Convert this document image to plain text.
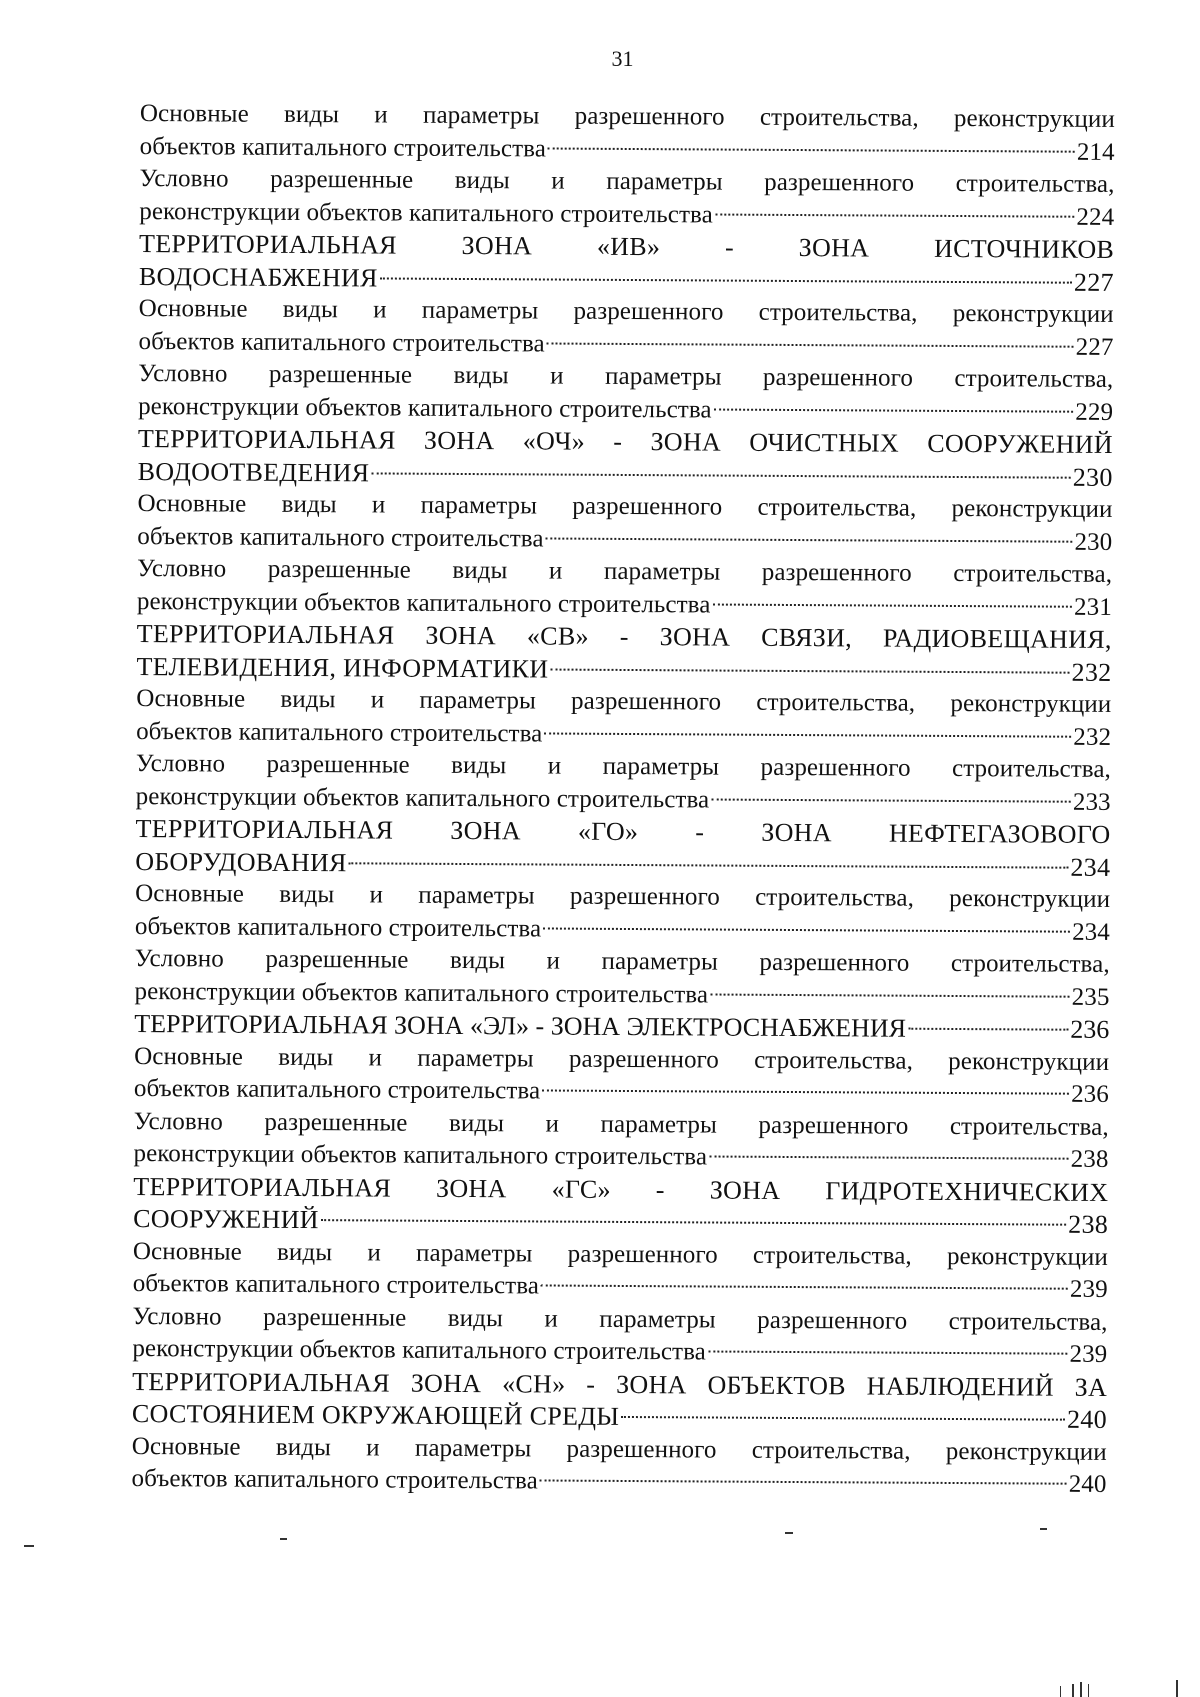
31
Основные виды и параметры разрешенного строительства, реконструкции
объектов капитального строительства	214
Условно разрешенные виды и параметры разрешенного строительства,
реконструкции объектов капитального строительства	224
ТЕРРИТОРИАЛЬНАЯ ЗОНА «ИВ» - ЗОНА ИСТОЧНИКОВ
ВОДОСНАБЖЕНИЯ	227
Основные виды и параметры разрешенного строительства, реконструкции
объектов капитального строительства	227
Условно разрешенные виды и параметры разрешенного строительства,
реконструкции объектов капитального строительства	229
ТЕРРИТОРИАЛЬНАЯ ЗОНА «ОЧ» - ЗОНА ОЧИСТНЫХ СООРУЖЕНИЙ
ВОДООТВЕДЕНИЯ	230
Основные виды и параметры разрешенного строительства, реконструкции
объектов капитального строительства	230
Условно разрешенные виды и параметры разрешенного строительства,
реконструкции объектов капитального строительства	231
ТЕРРИТОРИАЛЬНАЯ ЗОНА «СВ» - ЗОНА СВЯЗИ, РАДИОВЕЩАНИЯ,
ТЕЛЕВИДЕНИЯ, ИНФОРМАТИКИ	232
Основные виды и параметры разрешенного строительства, реконструкции
объектов капитального строительства	232
Условно разрешенные виды и параметры разрешенного строительства,
реконструкции объектов капитального строительства	233
ТЕРРИТОРИАЛЬНАЯ ЗОНА «ГО» - ЗОНА НЕФТЕГАЗОВОГО
ОБОРУДОВАНИЯ	234
Основные виды и параметры разрешенного строительства, реконструкции
объектов капитального строительства	234
Условно разрешенные виды и параметры разрешенного строительства,
реконструкции объектов капитального строительства	235
ТЕРРИТОРИАЛЬНАЯ ЗОНА «ЭЛ» - ЗОНА ЭЛЕКТРОСНАБЖЕНИЯ	236
Основные виды и параметры разрешенного строительства, реконструкции
объектов капитального строительства	236
Условно разрешенные виды и параметры разрешенного строительства,
реконструкции объектов капитального строительства	238
ТЕРРИТОРИАЛЬНАЯ ЗОНА «ГС» - ЗОНА ГИДРОТЕХНИЧЕСКИХ
СООРУЖЕНИЙ	238
Основные виды и параметры разрешенного строительства, реконструкции
объектов капитального строительства	239
Условно разрешенные виды и параметры разрешенного строительства,
реконструкции объектов капитального строительства	239
ТЕРРИТОРИАЛЬНАЯ ЗОНА «СН» - ЗОНА ОБЪЕКТОВ НАБЛЮДЕНИЙ ЗА
СОСТОЯНИЕМ ОКРУЖАЮЩЕЙ СРЕДЫ	240
Основные виды и параметры разрешенного строительства, реконструкции
объектов капитального строительства	240
